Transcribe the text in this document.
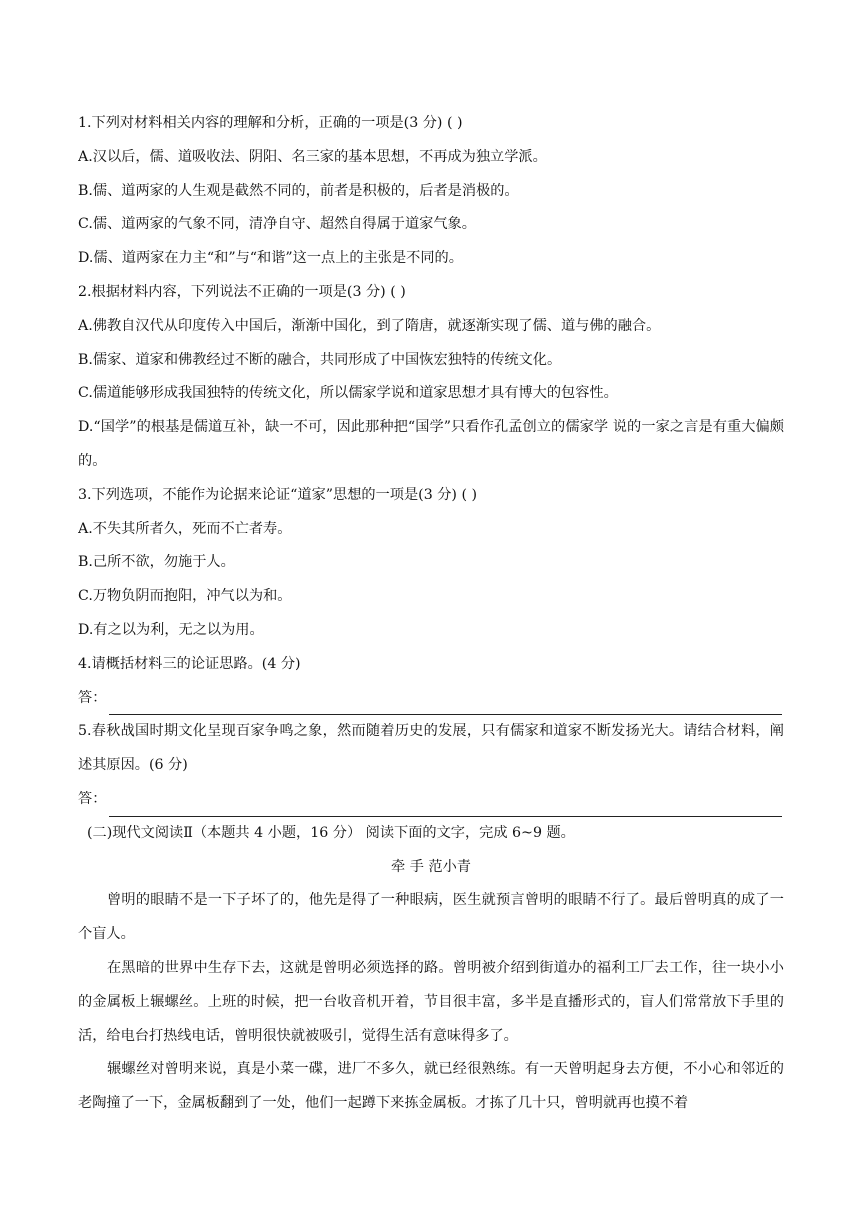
1.下列对材料相关内容的理解和分析，正确的一项是(3 分) ( )
A.汉以后，儒、道吸收法、阴阳、名三家的基本思想，不再成为独立学派。
B.儒、道两家的人生观是截然不同的，前者是积极的，后者是消极的。
C.儒、道两家的气象不同，清净自守、超然自得属于道家气象。
D.儒、道两家在力主“和”与“和谐”这一点上的主张是不同的。
2.根据材料内容，下列说法不正确的一项是(3 分) ( )
A.佛教自汉代从印度传入中国后，渐渐中国化，到了隋唐，就逐渐实现了儒、道与佛的融合。
B.儒家、道家和佛教经过不断的融合，共同形成了中国恢宏独特的传统文化。
C.儒道能够形成我国独特的传统文化，所以儒家学说和道家思想才具有博大的包容性。
D.“国学”的根基是儒道互补，缺一不可，因此那种把“国学”只看作孔孟创立的儒家学 说的一家之言是有重大偏颇的。
3.下列选项，不能作为论据来论证“道家”思想的一项是(3 分) ( )
A.不失其所者久，死而不亡者寿。
B.己所不欲，勿施于人。
C.万物负阴而抱阳，冲气以为和。
D.有之以为利，无之以为用。
4.请概括材料三的论证思路。(4 分)
答：
5.春秋战国时期文化呈现百家争鸣之象，然而随着历史的发展，只有儒家和道家不断发扬光大。请结合材料，阐述其原因。(6 分)
答：
(二)现代文阅读Ⅱ（本题共 4 小题，16 分） 阅读下面的文字，完成 6~9 题。
牵 手 范小青
曾明的眼睛不是一下子坏了的，他先是得了一种眼病，医生就预言曾明的眼睛不行了。最后曾明真的成了一个盲人。
在黑暗的世界中生存下去，这就是曾明必须选择的路。曾明被介绍到街道办的福利工厂去工作，往一块小小的金属板上辗螺丝。上班的时候，把一台收音机开着，节目很丰富，多半是直播形式的，盲人们常常放下手里的活，给电台打热线电话，曾明很快就被吸引，觉得生活有意味得多了。
辗螺丝对曾明来说，真是小菜一碟，进厂不多久，就已经很熟练。有一天曾明起身去方便，不小心和邻近的老陶撞了一下，金属板翻到了一处，他们一起蹲下来拣金属板。才拣了几十只，曾明就再也摸不着
